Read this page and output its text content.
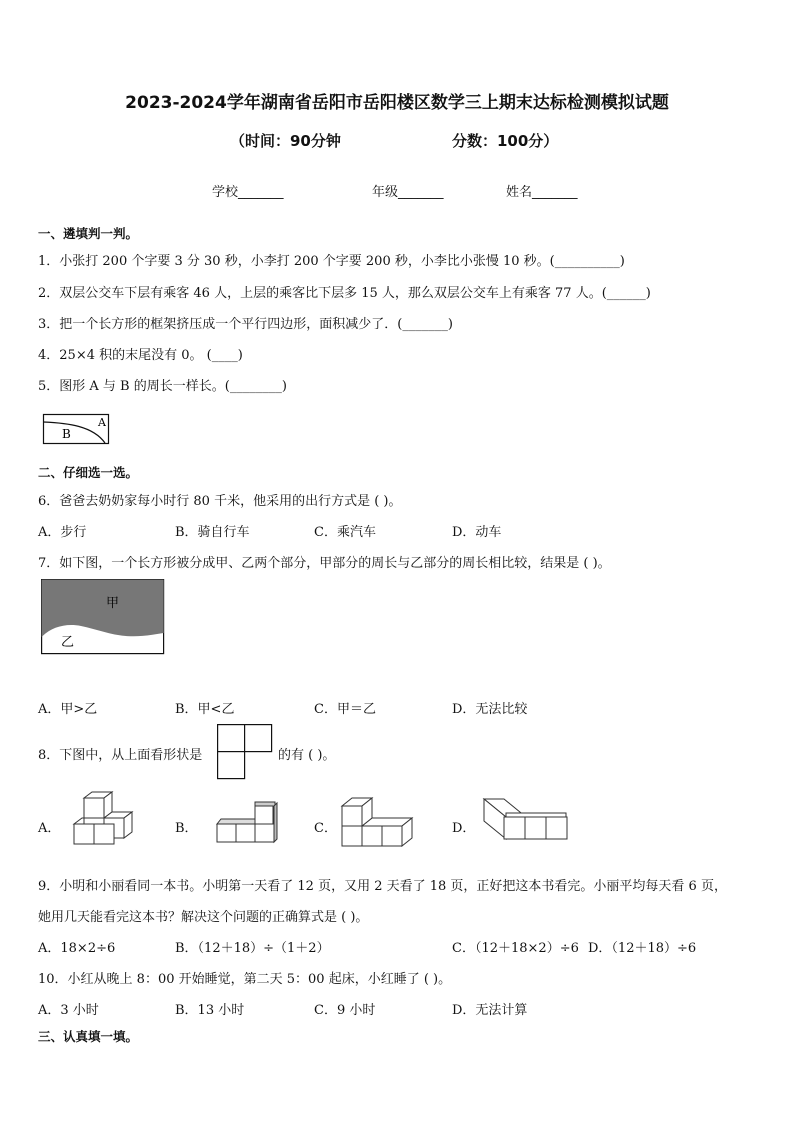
2023-2024学年湖南省岳阳市岳阳楼区数学三上期末达标检测模拟试题
（时间：90分钟	分数：100分）
学校_______	年级_______	姓名_______
一、遴填判一判。
1．小张打 200 个字要 3 分 30 秒，小李打 200 个字要 200 秒，小李比小张慢 10 秒。(__________)
2．双层公交车下层有乘客 46 人，上层的乘客比下层多 15 人，那么双层公交车上有乘客 77 人。(______)
3．把一个长方形的框架挤压成一个平行四边形，面积减少了．(_______)
4．25×4 积的末尾没有 0。 (____)
5．图形 A 与 B 的周长一样长。(________)
B
A
二、仔细选一选。
6．爸爸去奶奶家每小时行 80 千米，他采用的出行方式是 ( )。
A．步行	B．骑自行车	C．乘汽车	D．动车
7．如下图，一个长方形被分成甲、乙两个部分，甲部分的周长与乙部分的周长相比较，结果是 ( )。
甲
乙
A．甲>乙	B．甲<乙	C．甲＝乙	D．无法比较
8．下图中，从上面看形状是	的有 ( )。
A．	B．	C．	D．
9．小明和小丽看同一本书。小明第一天看了 12 页，又用 2 天看了 18 页，正好把这本书看完。小丽平均每天看 6 页，
她用几天能看完这本书？解决这个问题的正确算式是 ( )。
A．18×2÷6	B．（12＋18）÷（1＋2）	C．（12＋18×2）÷6 D．（12＋18）÷6
10．小红从晚上 8：00 开始睡觉，第二天 5：00 起床，小红睡了 ( )。
A．3 小时	B．13 小时	C．9 小时	D．无法计算
三、认真填一填。
